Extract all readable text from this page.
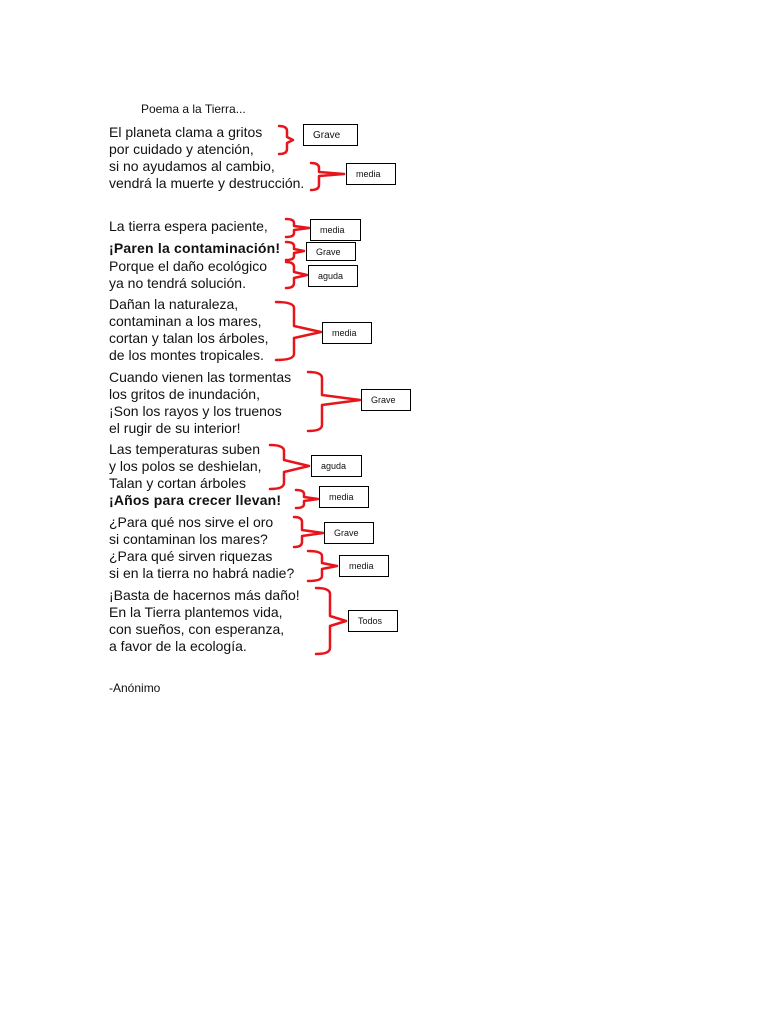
Poema a la Tierra...
El planeta clama a gritos
por cuidado y atención,
si no ayudamos al cambio,
vendrá la muerte y destrucción.
La tierra espera paciente,
¡Paren la contaminación!
Porque el daño ecológico
ya no tendrá solución.
Dañan la naturaleza,
contaminan a los mares,
cortan y talan los árboles,
de los montes tropicales.
Cuando vienen las tormentas
los gritos de inundación,
¡Son los rayos y los truenos
el rugir de su interior!
Las temperaturas suben
y los polos se deshielan,
Talan y cortan árboles
¡Años para crecer llevan!
¿Para qué nos sirve el oro
si contaminan los mares?
¿Para qué sirven riquezas
si en la tierra no habrá nadie?
¡Basta de hacernos más daño!
En la Tierra plantemos vida,
con sueños, con esperanza,
a favor de la ecología.
Grave
media
media
Grave
aguda
media
Grave
aguda
media
Grave
media
Todos
-Anónimo
